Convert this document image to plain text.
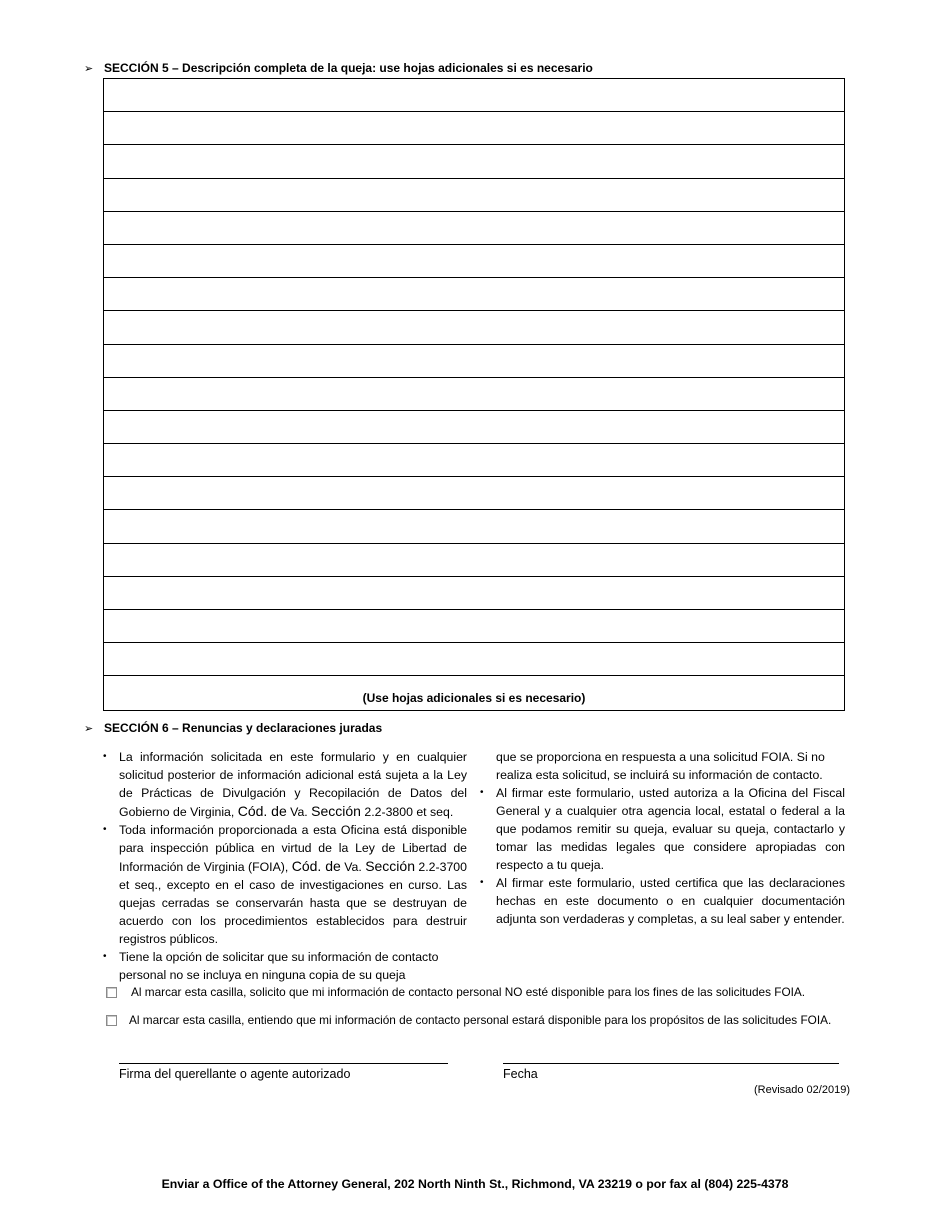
➢ SECCIÓN 5 – Descripción completa de la queja: use hojas adicionales si es necesario
(Use hojas adicionales si es necesario)
➢ SECCIÓN 6 – Renuncias y declaraciones juradas
• La información solicitada en este formulario y en cualquier solicitud posterior de información adicional está sujeta a la Ley de Prácticas de Divulgación y Recopilación de Datos del Gobierno de Virginia, Cód. de Va. Sección 2.2-3800 et seq.
• Toda información proporcionada a esta Oficina está disponible para inspección pública en virtud de la Ley de Libertad de Información de Virginia (FOIA), Cód. de Va. Sección 2.2-3700 et seq., excepto en el caso de investigaciones en curso. Las quejas cerradas se conservarán hasta que se destruyan de acuerdo con los procedimientos establecidos para destruir registros públicos.
• Tiene la opción de solicitar que su información de contacto personal no se incluya en ninguna copia de su queja
que se proporciona en respuesta a una solicitud FOIA. Si no realiza esta solicitud, se incluirá su información de contacto.
• Al firmar este formulario, usted autoriza a la Oficina del Fiscal General y a cualquier otra agencia local, estatal o federal a la que podamos remitir su queja, evaluar su queja, contactarlo y tomar las medidas legales que considere apropiadas con respecto a tu queja.
• Al firmar este formulario, usted certifica que las declaraciones hechas en este documento o en cualquier documentación adjunta son verdaderas y completas, a su leal saber y entender.
Al marcar esta casilla, solicito que mi información de contacto personal NO esté disponible para los fines de las solicitudes FOIA.
Al marcar esta casilla, entiendo que mi información de contacto personal estará disponible para los propósitos de las solicitudes FOIA.
Firma del querellante o agente autorizado	Fecha
(Revisado 02/2019)
Enviar a Office of the Attorney General, 202 North Ninth St., Richmond, VA 23219 o por fax al (804) 225-4378
